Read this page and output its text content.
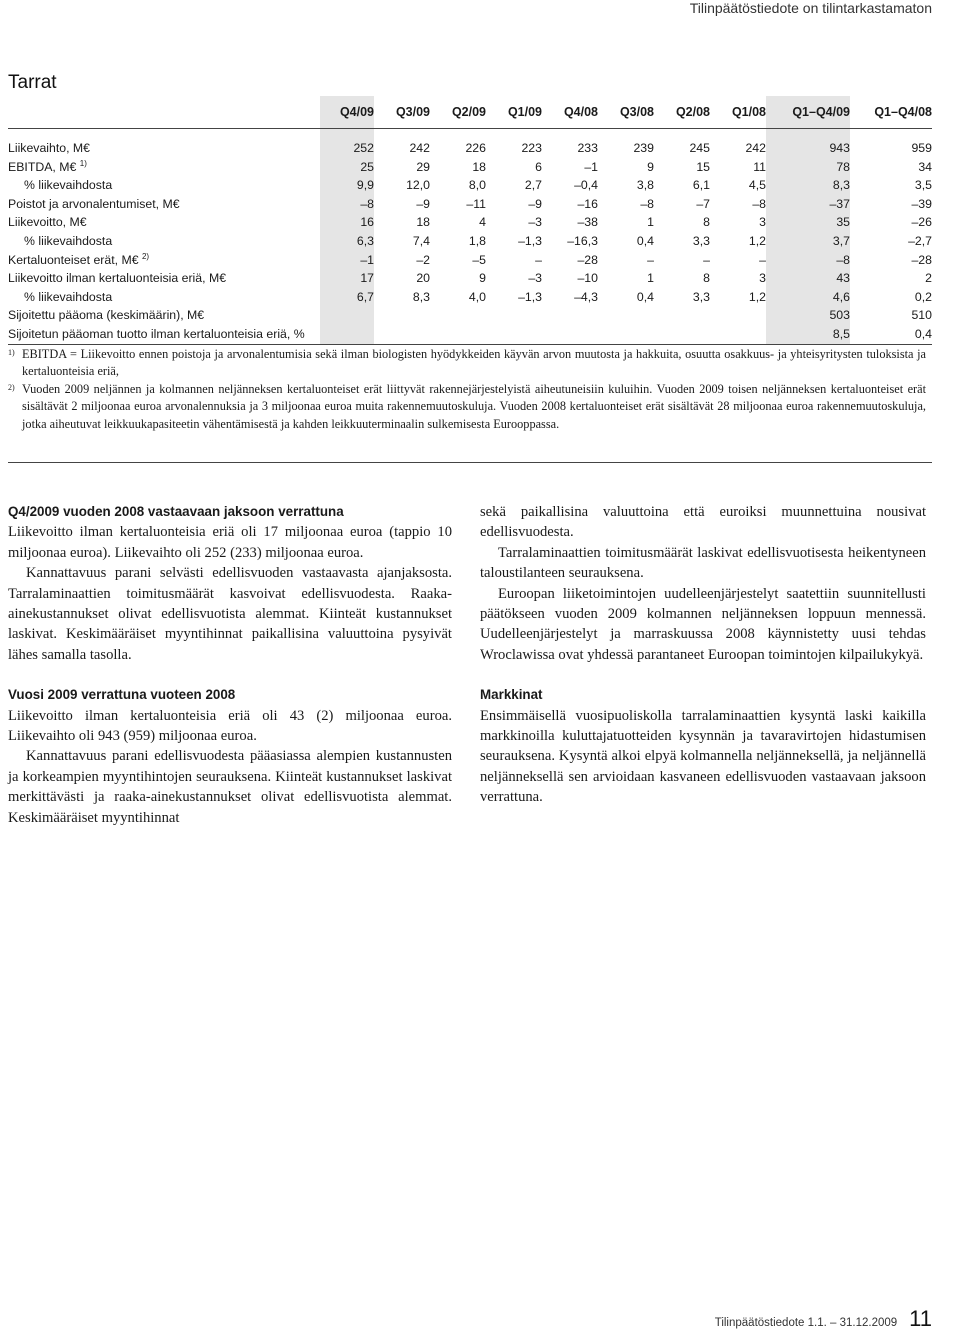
Tilinpäätöstiedote on tilintarkastamaton
Tarrat
	Q4/09	Q3/09	Q2/09	Q1/09	Q4/08	Q3/08	Q2/08	Q1/08	Q1–Q4/09	Q1–Q4/08

Liikevaihto, M€	252	242	226	223	233	239	245	242	943	959
EBITDA, M€ $^{1)}$	25	29	18	6	–1	9	15	11	78	34
% liikevaihdosta	9,9	12,0	8,0	2,7	–0,4	3,8	6,1	4,5	8,3	3,5
Poistot ja arvonalentumiset, M€	–8	–9	–11	–9	–16	–8	–7	–8	–37	–39
Liikevoitto, M€	16	18	4	–3	–38	1	8	3	35	–26
% liikevaihdosta	6,3	7,4	1,8	–1,3	–16,3	0,4	3,3	1,2	3,7	–2,7
Kertaluonteiset erät, M€ $^{2)}$	–1	–2	–5	–	–28	–	–	–	–8	–28
Liikevoitto ilman kertaluonteisia eriä, M€	17	20	9	–3	–10	1	8	3	43	2
% liikevaihdosta	6,7	8,3	4,0	–1,3	–4,3	0,4	3,3	1,2	4,6	0,2
Sijoitettu pääoma (keskimäärin), M€									503	510
Sijoitetun pääoman tuotto ilman kertaluonteisia eriä, %									8,5	0,4

1) EBITDA = Liikevoitto ennen poistoja ja arvonalentumisia sekä ilman biologisten hyödykkeiden käyvän arvon muutosta ja hakkuita, osuutta osakkuus- ja yhteisyritysten tuloksista ja kertaluonteisia eriä,

2) Vuoden 2009 neljännen ja kolmannen neljänneksen kertaluonteiset erät liittyvät rakennejärjestelyistä aiheutuneisiin kuluihin. Vuoden 2009 toisen neljänneksen kertaluonteiset erät sisältävät 2 miljoonaa euroa arvonalennuksia ja 3 miljoonaa euroa muita rakennemuutoskuluja. Vuoden 2008 kertaluonteiset erät sisältävät 28 miljoonaa euroa rakennemuutoskuluja, jotka aiheutuvat leikkuukapasiteetin vähentämisestä ja kahden leikkuuterminaalin sulkemisesta Eurooppassa.

Q4/2009 vuoden 2008 vastaavaan jaksoon verrattuna

Liikevoitto ilman kertaluonteisia eriä oli 17 miljoonaa euroa (tappio 10 miljoonaa euroa). Liikevaihto oli 252 (233) miljoonaa euroa.

Kannattavuus parani selvästi edellisvuoden vastaavasta ajanjaksosta. Tarralaminaattien toimitusmäärät kasvoivat edellisvuodesta. Raaka-ainekustannukset olivat edellisvuotista alemmat. Kiinteät kustannukset laskivat. Keskimääräiset myyntihinnat paikallisina valuuttoina pysyivät lähes samalla tasolla.

Vuosi 2009 verrattuna vuoteen 2008

Liikevoitto ilman kertaluonteisia eriä oli 43 (2) miljoonaa euroa. Liikevaihto oli 943 (959) miljoonaa euroa.

Kannattavuus parani edellisvuodesta pääasiassa alempien kustannusten ja korkeampien myyntihintojen seurauksena. Kiinteät kustannukset laskivat merkittävästi ja raaka-ainekustannukset olivat edellisvuotista alemmat. Keskimääräiset myyntihinnat

sekä paikallisina valuuttoina että euroiksi muunnettuina nousivat edellisvuodesta.

Tarralaminaattien toimitusmäärät laskivat edellisvuotisesta heikentyneen taloustilanteen seurauksena.

Euroopan liiketoimintojen uudelleenjärjestelyt saatettiin suunnitellusti päätökseen vuoden 2009 kolmannen neljänneksen loppuun mennessä. Uudelleenjärjestelyt ja marraskuussa 2008 käynnistetty uusi tehdas Wroclawissa ovat yhdessä parantaneet Euroopan toimintojen kilpailukykyä.

Markkinat

Ensimmäisellä vuosipuoliskolla tarralaminaattien kysyntä laski kaikilla markkinoilla kuluttajatuotteiden kysynnän ja tavaravirtojen hidastumisen seurauksena. Kysyntä alkoi elpyä kolmannella neljänneksellä, ja neljännellä neljänneksellä sen arvioidaan kasvaneen edellisvuoden vastaavaan jaksoon verrattuna.

Tilinpäätöstiedote 1.1. – 31.12.2009 11
